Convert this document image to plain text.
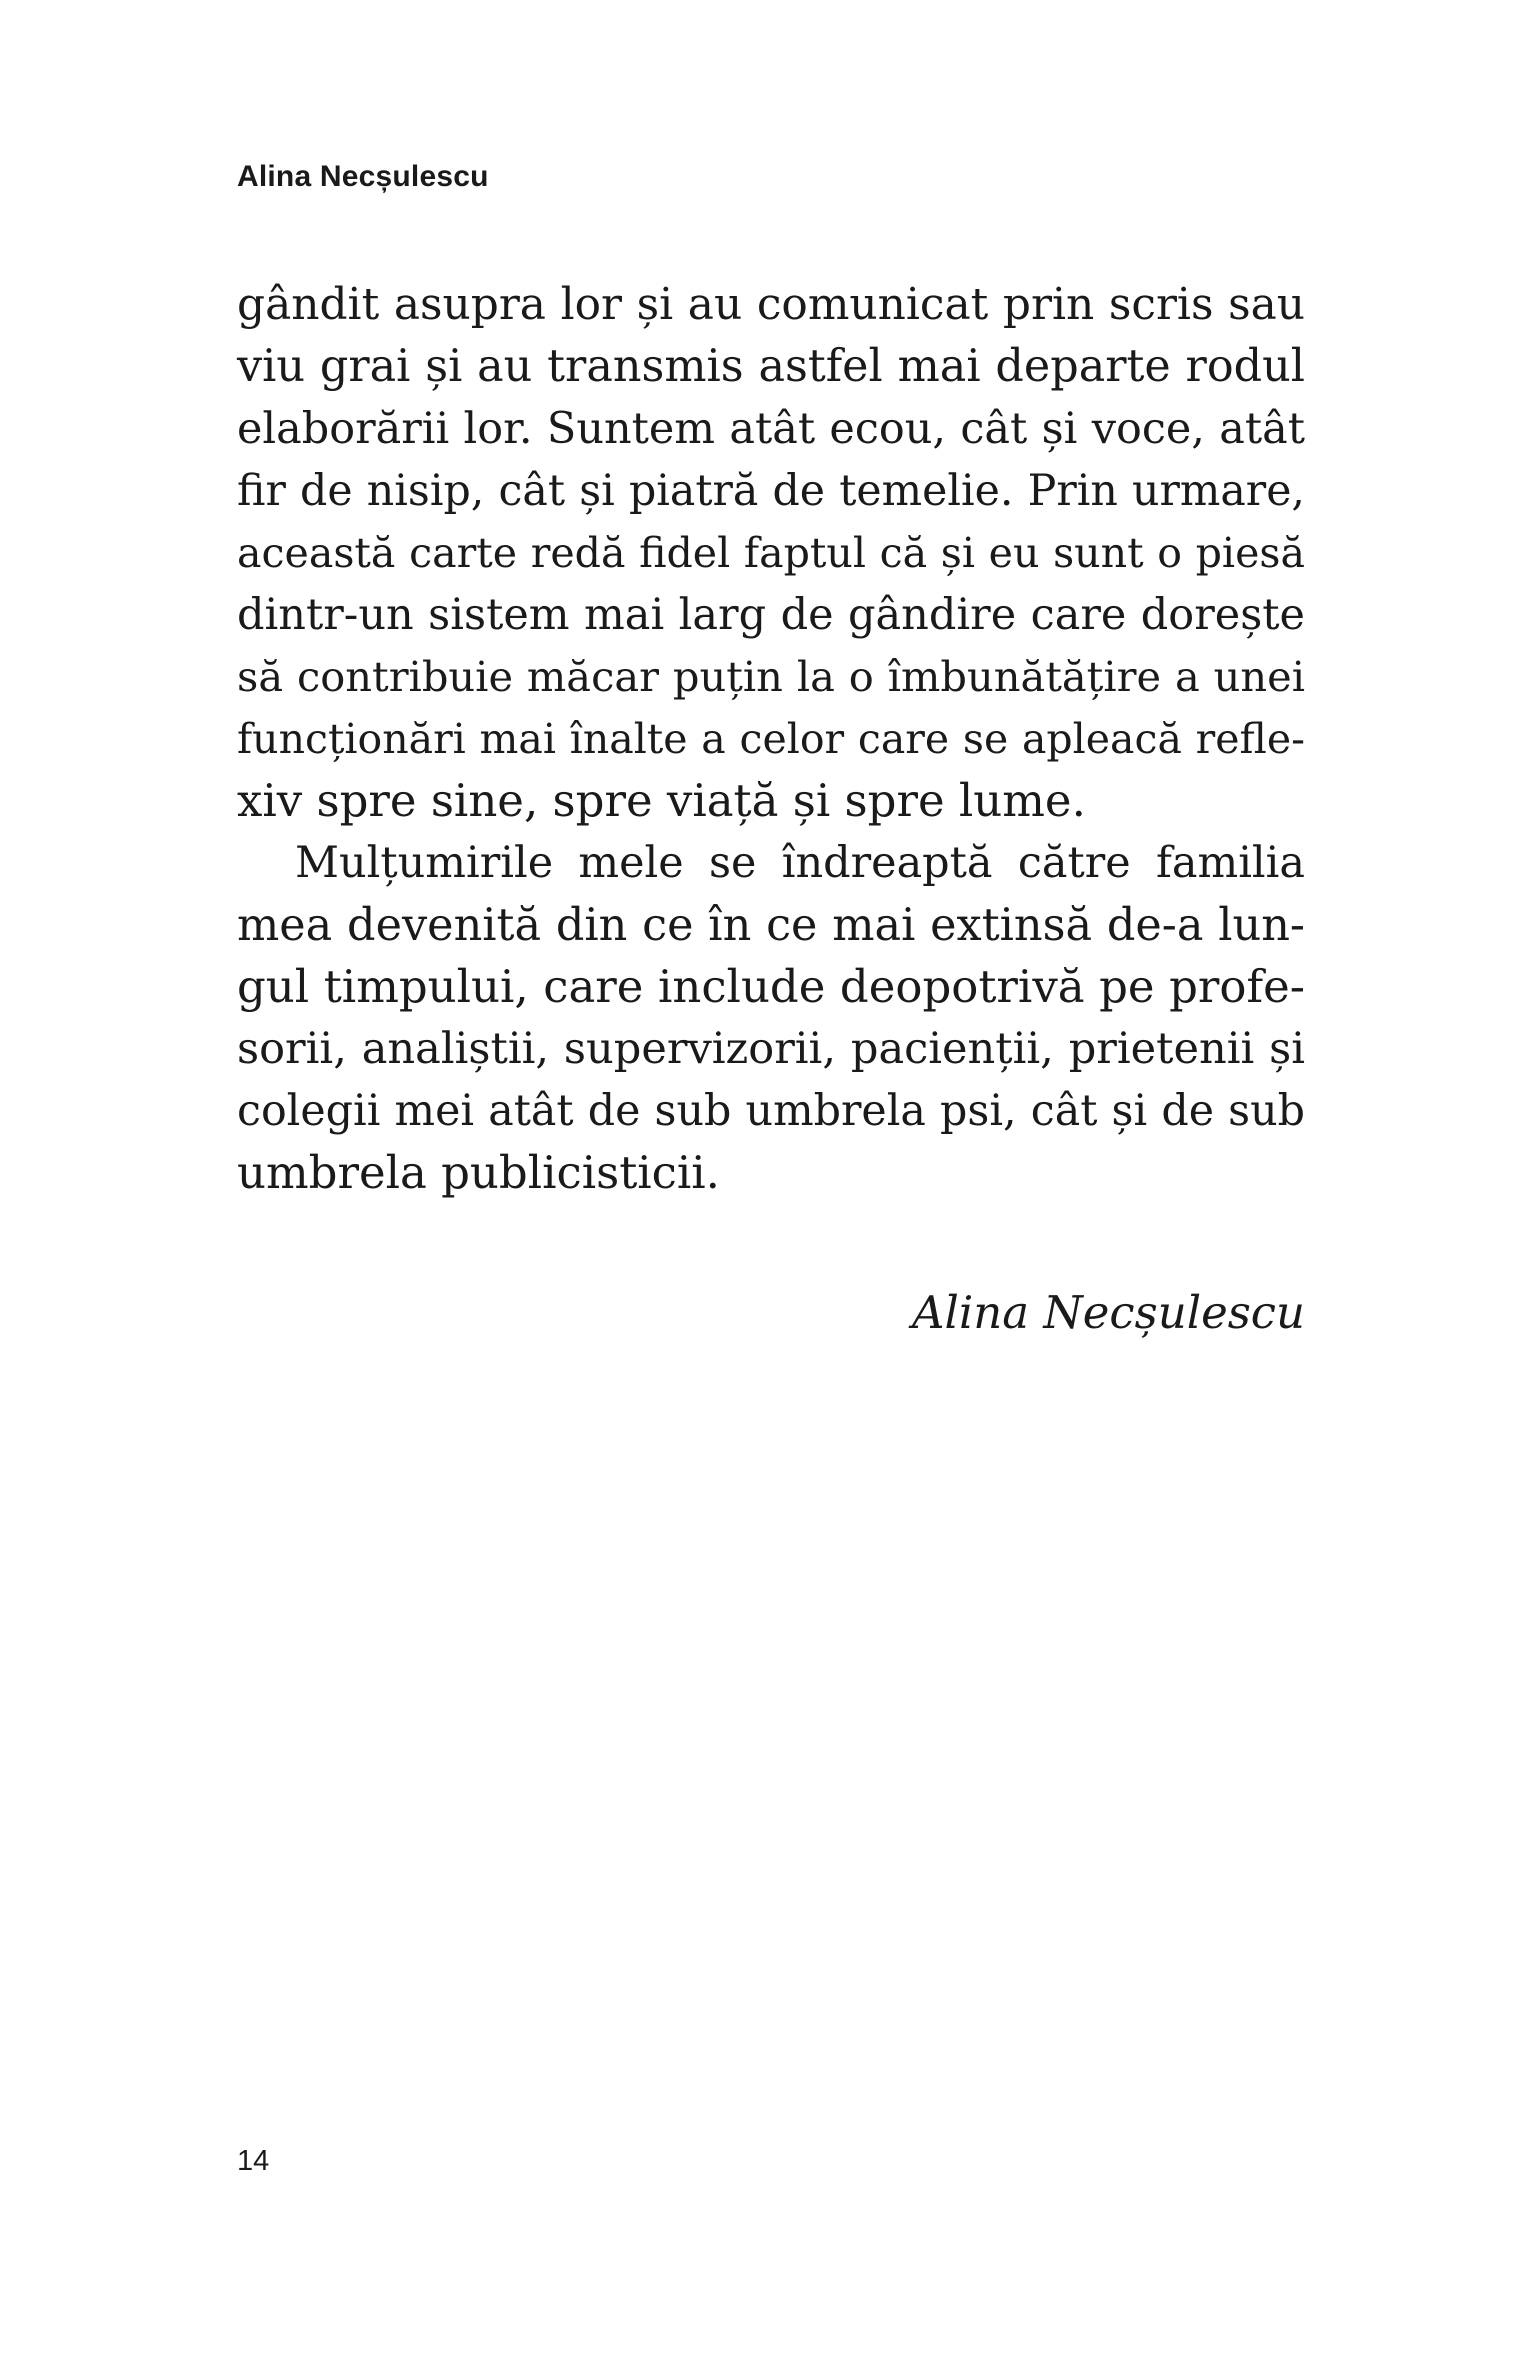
Alina Necșulescu
gândit asupra lor și au comunicat prin scris sau
viu grai și au transmis astfel mai departe rodul
elaborării lor. Suntem atât ecou, cât și voce, atât
fir de nisip, cât și piatră de temelie. Prin urmare,
această carte redă fidel faptul că și eu sunt o piesă
dintr-un sistem mai larg de gândire care dorește
să contribuie măcar puțin la o îmbunătățire a unei
funcționări mai înalte a celor care se apleacă refle-
xiv spre sine, spre viață și spre lume.
Mulțumirile mele se îndreaptă către familia
mea devenită din ce în ce mai extinsă de-a lun-
gul timpului, care include deopotrivă pe profe-
sorii, analiștii, supervizorii, pacienții, prietenii și
colegii mei atât de sub umbrela psi, cât și de sub
umbrela publicisticii.
Alina Necșulescu
14
